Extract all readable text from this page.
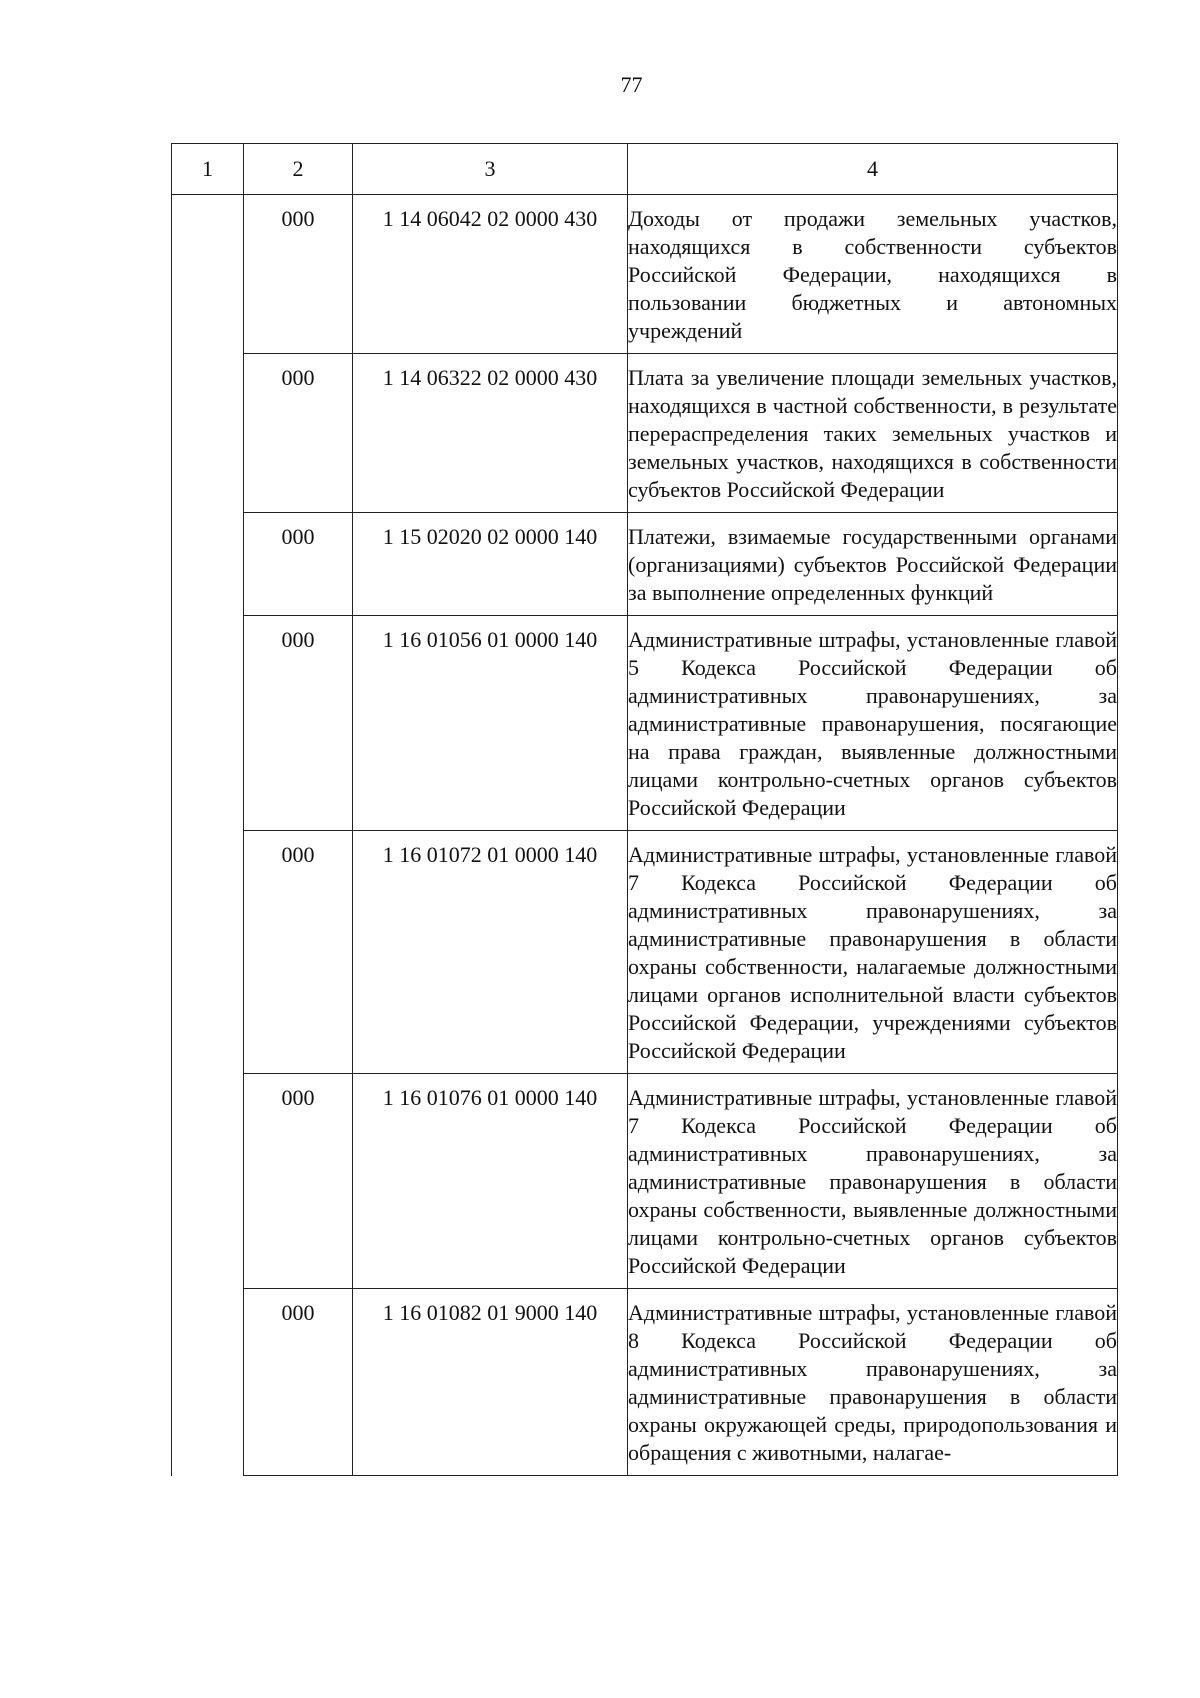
77
1	2	3	4
	000	1 14 06042 02 0000 430	Доходы от продажи земельных участков, находящихся в собственности субъектов Российской Федерации, находящихся в пользовании бюджетных и автономных учреждений
	000	1 14 06322 02 0000 430	Плата за увеличение площади земельных участков, находящихся в частной собственности, в результате перераспределения таких земельных участков и земельных участков, находящихся в собственности субъектов Российской Федерации
	000	1 15 02020 02 0000 140	Платежи, взимаемые государственными органами (организациями) субъектов Российской Федерации за выполнение определенных функций
	000	1 16 01056 01 0000 140	Административные штрафы, установленные главой 5 Кодекса Российской Федерации об административных правонарушениях, за административные правонарушения, посягающие на права граждан, выявленные должностными лицами контрольно-счетных органов субъектов Российской Федерации
	000	1 16 01072 01 0000 140	Административные штрафы, установленные главой 7 Кодекса Российской Федерации об административных правонарушениях, за административные правонарушения в области охраны собственности, налагаемые должностными лицами органов исполнительной власти субъектов Российской Федерации, учреждениями субъектов Российской Федерации
	000	1 16 01076 01 0000 140	Административные штрафы, установленные главой 7 Кодекса Российской Федерации об административных правонарушениях, за административные правонарушения в области охраны собственности, выявленные должностными лицами контрольно-счетных органов субъектов Российской Федерации
	000	1 16 01082 01 9000 140	Административные штрафы, установленные главой 8 Кодекса Российской Федерации об административных правонарушениях, за административные правонарушения в области охраны окружающей среды, природопользования и обращения с животными, налагае-
